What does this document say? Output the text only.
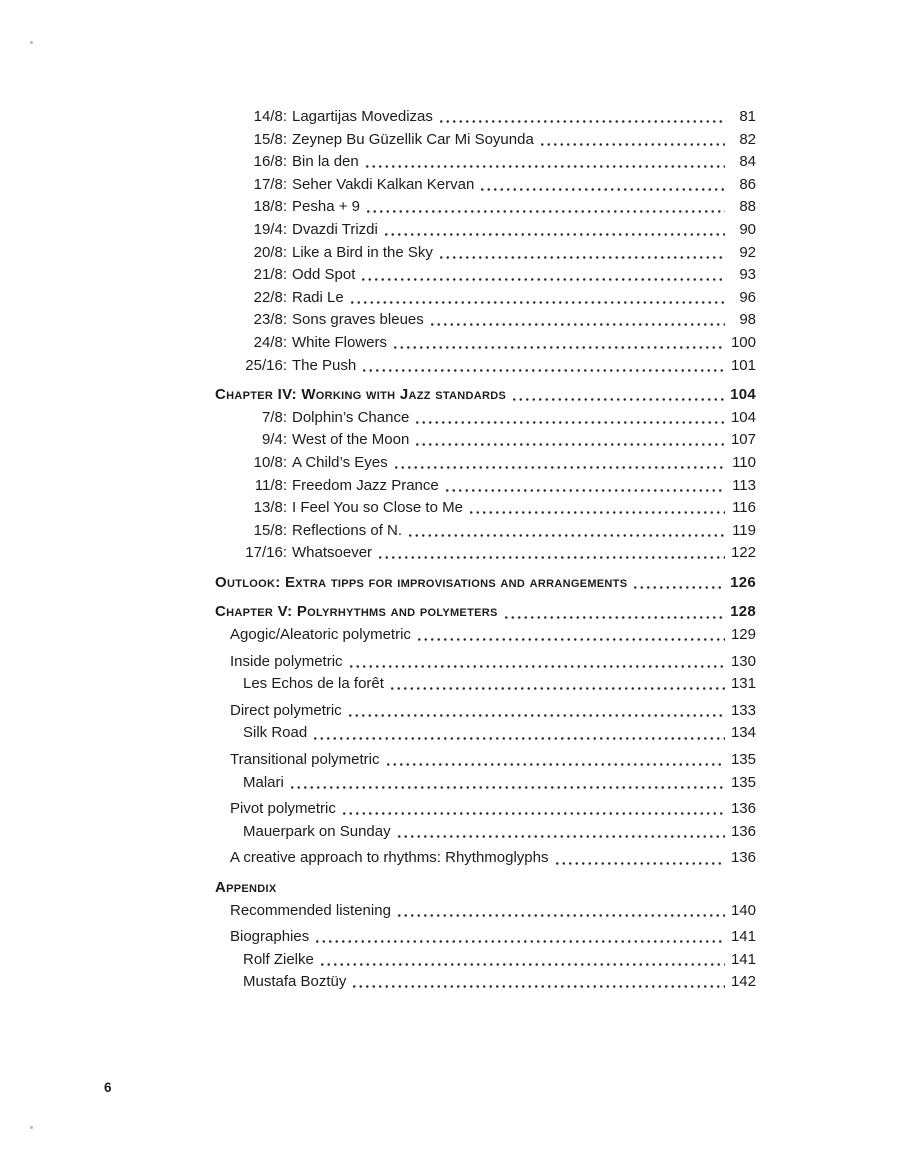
14/8: Lagartijas Movedizas	81
15/8: Zeynep Bu Güzellik Car Mi Soyunda	82
16/8: Bin la den	84
17/8: Seher Vakdi Kalkan Kervan	86
18/8: Pesha + 9	88
19/4: Dvazdi Trizdi	90
20/8: Like a Bird in the Sky	92
21/8: Odd Spot	93
22/8: Radi Le	96
23/8: Sons graves bleues	98
24/8: White Flowers	100
25/16: The Push	101
Chapter IV: Working with Jazz standards	104
7/8: Dolphin’s Chance	104
9/4: West of the Moon	107
10/8: A Child’s Eyes	110
11/8: Freedom Jazz Prance	113
13/8: I Feel You so Close to Me	116
15/8: Reflections of N.	119
17/16: Whatsoever	122
Outlook: Extra tipps for improvisations and arrangements	126
Chapter V: Polyrhythms and polymeters	128
Agogic/Aleatoric polymetric	129
Inside polymetric	130
Les Echos de la forêt	131
Direct polymetric	133
Silk Road	134
Transitional polymetric	135
Malari	135
Pivot polymetric	136
Mauerpark on Sunday	136
A creative approach to rhythms: Rhythmoglyphs	136
Appendix
Recommended listening	140
Biographies	141
Rolf Zielke	141
Mustafa Boztüy	142
6
